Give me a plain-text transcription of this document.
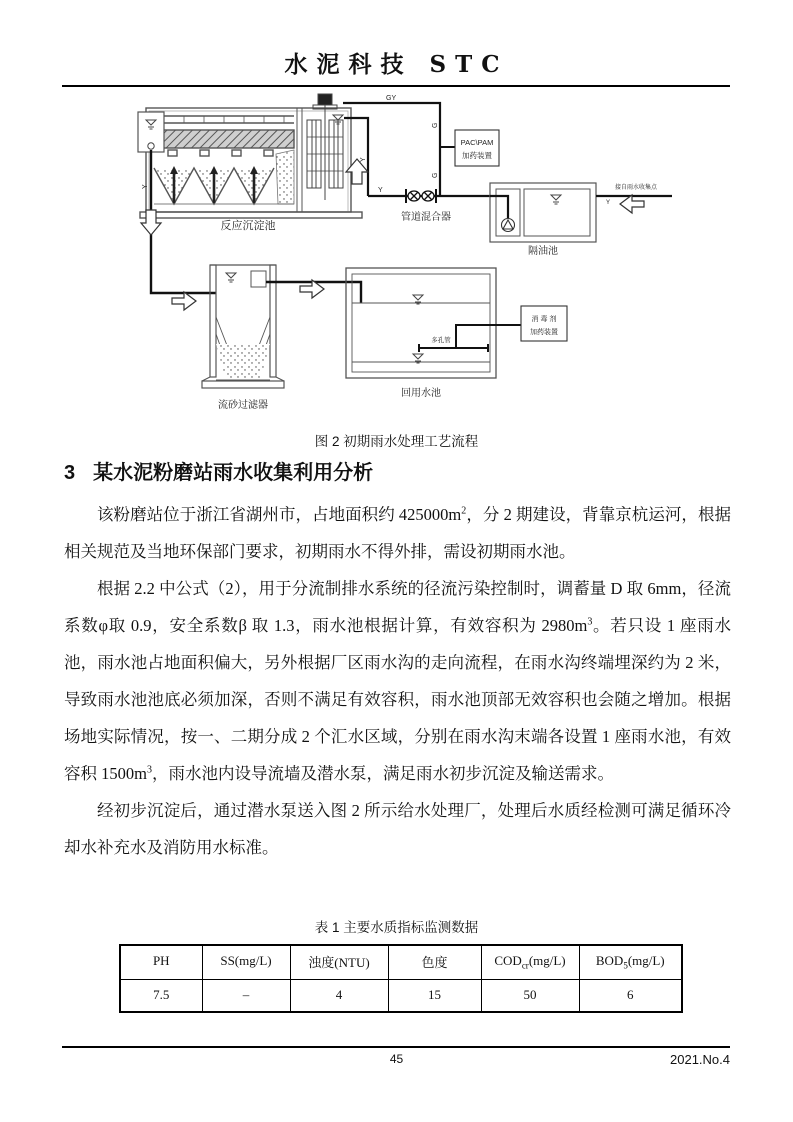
水泥科技 STC
Y
GY
G
G
PAC\PAM
加药装置
Y
管道混合器
Y
隔油池
接自雨水收集点
Y
流砂过滤器
回用水池
多孔管
消 毒 剂
加药装置
反应沉淀池
图 2 初期雨水处理工艺流程
3 某水泥粉磨站雨水收集利用分析

该粉磨站位于浙江省湖州市，占地面积约 $425000m^2$，分 2 期建设，背靠京杭运河，根据相关规范及当地环保部门要求，初期雨水不得外排，需设初期雨水池。

根据 2.2 中公式（2），用于分流制排水系统的径流污染控制时，调蓄量 D 取 6mm，径流系数φ取 0.9，安全系数β 取 1.3，雨水池根据计算，有效容积为 $2980m^3$。若只设 1 座雨水池，雨水池占地面积偏大，另外根据厂区雨水沟的走向流程，在雨水沟终端埋深约为 2 米，导致雨水池池底必须加深，否则不满足有效容积，雨水池顶部无效容积也会随之增加。根据场地实际情况，按一、二期分成 2 个汇水区域，分别在雨水沟末端各设置 1 座雨水池，有效容积 $1500m^3$，雨水池内设导流墙及潜水泵，满足雨水初步沉淀及输送需求。

经初步沉淀后，通过潜水泵送入图 2 所示给水处理厂，处理后水质经检测可满足循环冷却水补充水及消防用水标准。

表 1 主要水质指标监测数据
PH	SS(mg/L)	浊度(NTU)	色度	$COD_{cr}(mg/L)$	$BOD_5(mg/L)$
7.5	–	4	15	50	6
45	2021.No.4
